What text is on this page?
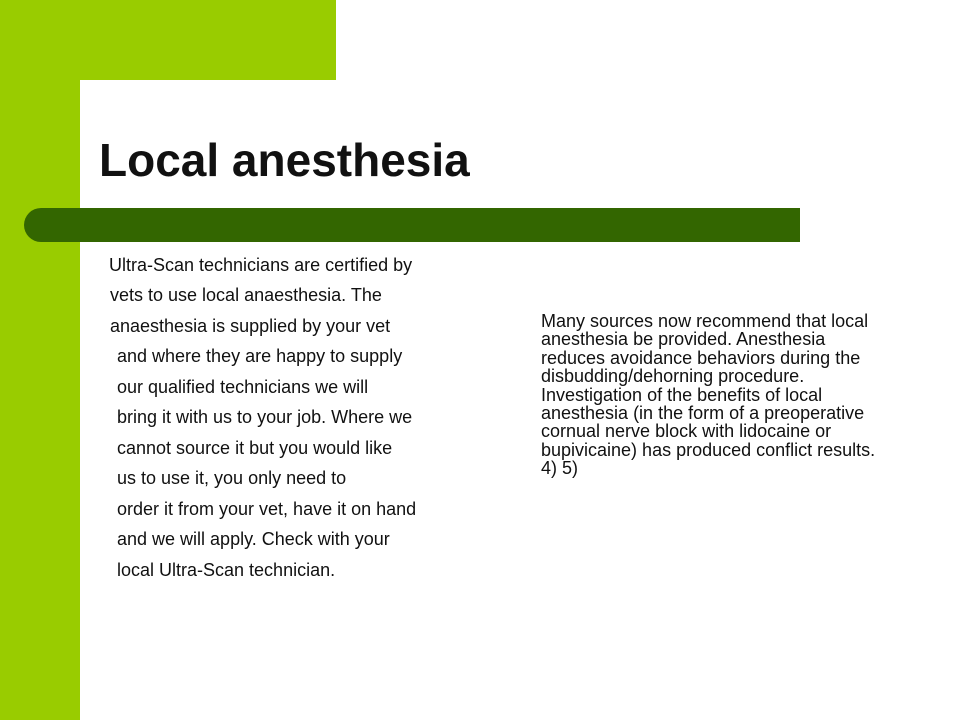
Local anesthesia
Ultra-Scan technicians are certified by
vets to use local anaesthesia. The
anaesthesia is supplied by your vet
and where they are happy to supply
our qualified technicians we will
bring it with us to your job. Where we
cannot source it but you would like
us to use it, you only need to
order it from your vet, have it on hand
and we will apply. Check with your
local Ultra-Scan technician.

Many sources now recommend that local anesthesia be provided. Anesthesia reduces avoidance behaviors during the disbudding/dehorning procedure. Investigation of the benefits of local anesthesia (in the form of a preoperative cornual nerve block with lidocaine or bupivicaine) has produced conflict results. 4) 5)
